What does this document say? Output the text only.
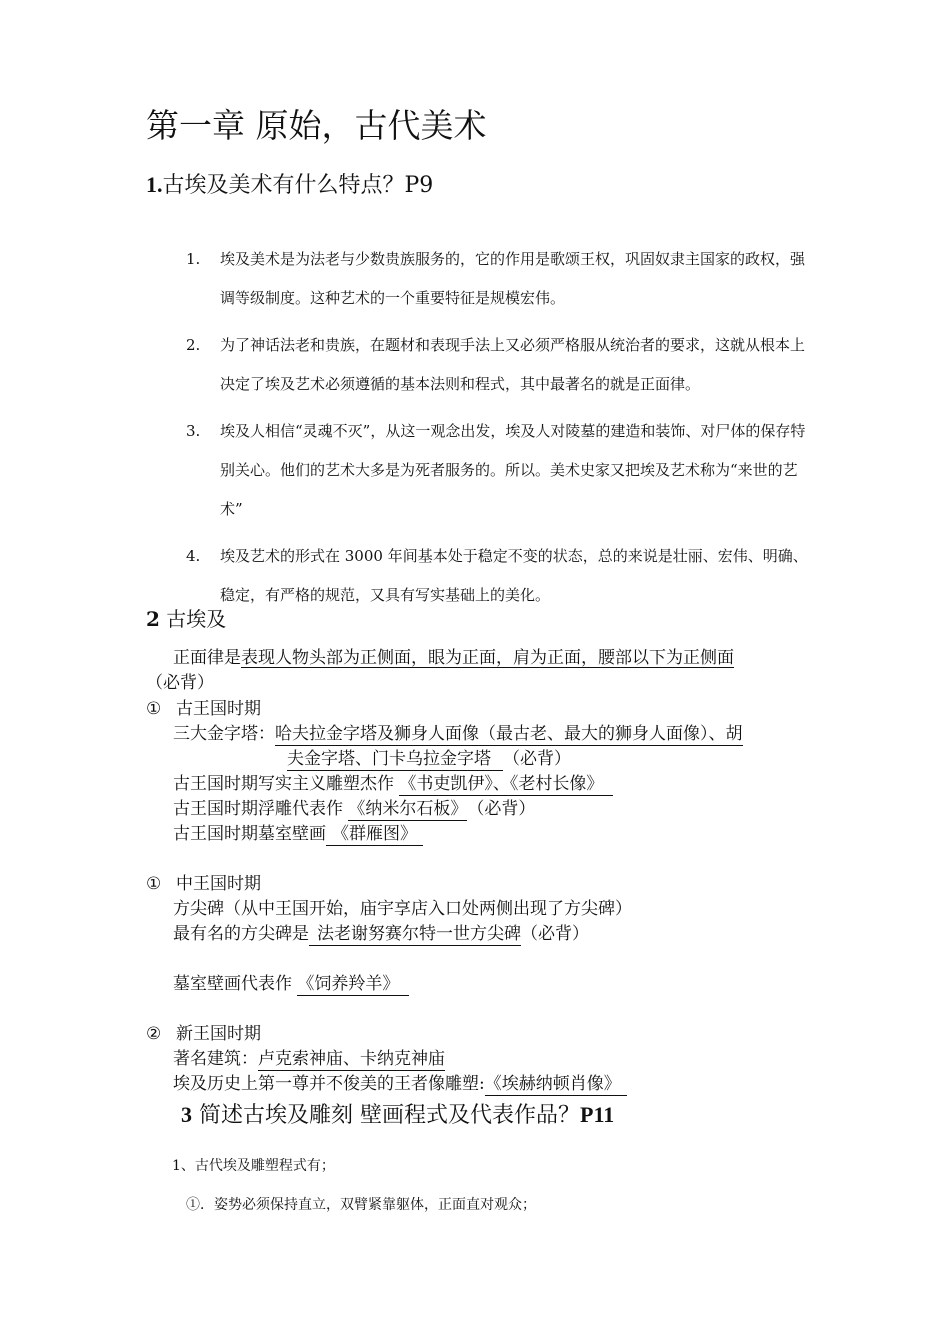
第一章 原始，古代美术
1.古埃及美术有什么特点？P9
1. 埃及美术是为法老与少数贵族服务的，它的作用是歌颂王权，巩固奴隶主国家的政权，强调等级制度。这种艺术的一个重要特征是规模宏伟。
2. 为了神话法老和贵族，在题材和表现手法上又必须严格服从统治者的要求，这就从根本上决定了埃及艺术必须遵循的基本法则和程式，其中最著名的就是正面律。
3. 埃及人相信“灵魂不灭”，从这一观念出发，埃及人对陵墓的建造和装饰、对尸体的保存特别关心。他们的艺术大多是为死者服务的。所以。美术史家又把埃及艺术称为“来世的艺术”
4. 埃及艺术的形式在 3000 年间基本处于稳定不变的状态，总的来说是壮丽、宏伟、明确、稳定，有严格的规范，又具有写实基础上的美化。
2 古埃及
正面律是表现人物头部为正侧面，眼为正面，肩为正面，腰部以下为正侧面
（必背）
① 古王国时期
三大金字塔：哈夫拉金字塔及狮身人面像（最古老、最大的狮身人面像）、胡
夫金字塔、门卡乌拉金字塔 （必背）
古王国时期写实主义雕塑杰作 《书吏凯伊》、《老村长像》
古王国时期浮雕代表作 《纳米尔石板》（必背）
古王国时期墓室壁画 《群雁图》
① 中王国时期
方尖碑（从中王国开始，庙宇享店入口处两侧出现了方尖碑）
最有名的方尖碑是 法老谢努赛尔特一世方尖碑（必背）
墓室壁画代表作 《饲养羚羊》
② 新王国时期
著名建筑：卢克索神庙、卡纳克神庙
埃及历史上第一尊并不俊美的王者像雕塑:《埃赫纳顿肖像》
3 简述古埃及雕刻 壁画程式及代表作品？P11
1、古代埃及雕塑程式有；
①．姿势必须保持直立，双臂紧靠躯体，正面直对观众；
